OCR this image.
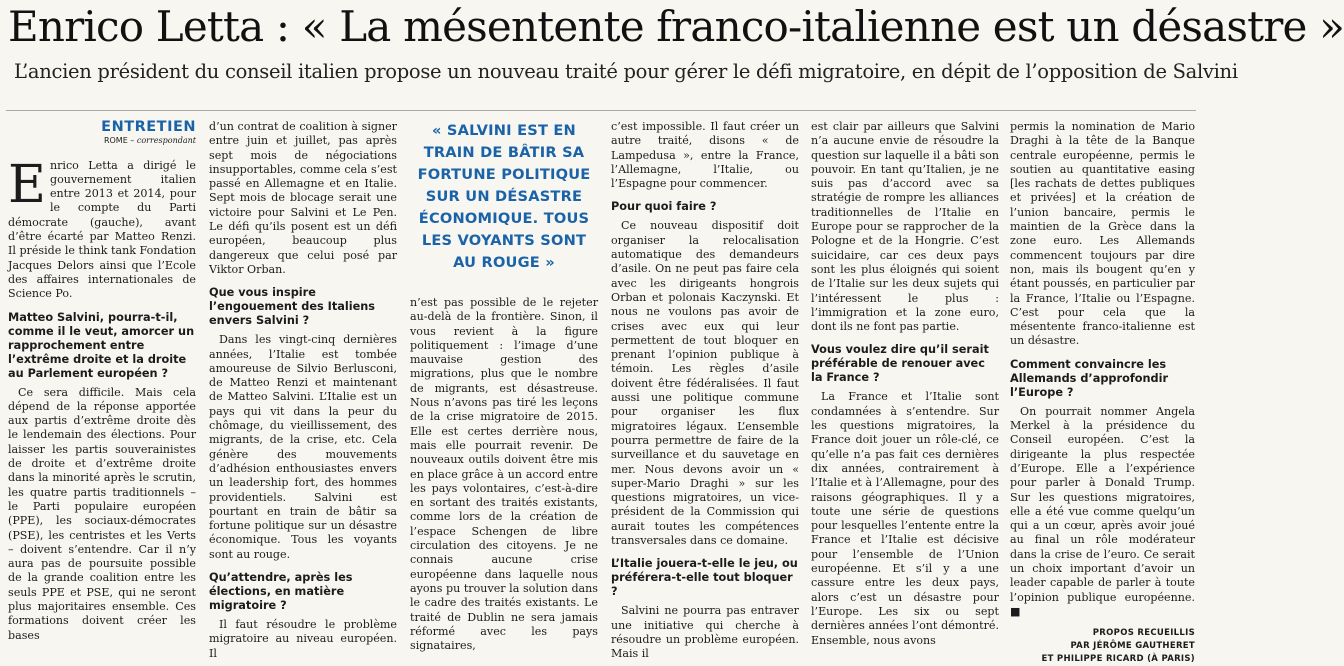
Enrico Letta : « La mésentente franco-italienne est un désastre »
L’ancien président du conseil italien propose un nouveau traité pour gérer le défi migratoire, en dépit de l’opposition de Salvini
ENTRETIEN
ROME – correspondant

Enrico Letta a dirigé le gouvernement italien entre 2013 et 2014, pour le compte du Parti démocrate (gauche), avant d’être écarté par Matteo Renzi. Il préside le think tank Fondation Jacques Delors ainsi que l’Ecole des affaires internationales de Science Po.

Matteo Salvini, pourra-t-il, comme il le veut, amorcer un rapprochement entre l’extrême droite et la droite au Parlement européen ?

Ce sera difficile. Mais cela dépend de la réponse apportée aux partis d’extrême droite dès le lendemain des élections. Pour laisser les partis souverainistes de droite et d’extrême droite dans la minorité après le scrutin, les quatre partis traditionnels – le Parti populaire européen (PPE), les sociaux-démocrates (PSE), les centristes et les Verts – doivent s’entendre. Car il n’y aura pas de poursuite possible de la grande coalition entre les seuls PPE et PSE, qui ne seront plus majoritaires ensemble. Ces formations doivent créer les bases

d’un contrat de coalition à signer entre juin et juillet, pas après sept mois de négociations insupportables, comme cela s’est passé en Allemagne et en Italie. Sept mois de blocage serait une victoire pour Salvini et Le Pen. Le défi qu’ils posent est un défi européen, beaucoup plus dangereux que celui posé par Viktor Orban.

Que vous inspire l’engouement des Italiens envers Salvini ?

Dans les vingt-cinq dernières années, l’Italie est tombée amoureuse de Silvio Berlusconi, de Matteo Renzi et maintenant de Matteo Salvini. L’Italie est un pays qui vit dans la peur du chômage, du vieillissement, des migrants, de la crise, etc. Cela génère des mouvements d’adhésion enthousiastes envers un leadership fort, des hommes providentiels. Salvini est pourtant en train de bâtir sa fortune politique sur un désastre économique. Tous les voyants sont au rouge.

Qu’attendre, après les élections, en matière migratoire ?

Il faut résoudre le problème migratoire au niveau européen. Il

« SALVINI EST EN TRAIN DE BÂTIR SA FORTUNE POLITIQUE SUR UN DÉSASTRE ÉCONOMIQUE. TOUS LES VOYANTS SONT AU ROUGE »

n’est pas possible de le rejeter au-delà de la frontière. Sinon, il vous revient à la figure politiquement : l’image d’une mauvaise gestion des migrations, plus que le nombre de migrants, est désastreuse. Nous n’avons pas tiré les leçons de la crise migratoire de 2015. Elle est certes derrière nous, mais elle pourrait revenir. De nouveaux outils doivent être mis en place grâce à un accord entre les pays volontaires, c’est-à-dire en sortant des traités existants, comme lors de la création de l’espace Schengen de libre circulation des citoyens. Je ne connais aucune crise européenne dans laquelle nous ayons pu trouver la solution dans le cadre des traités existants. Le traité de Dublin ne sera jamais réformé avec les pays signataires,

c’est impossible. Il faut créer un autre traité, disons « de Lampedusa », entre la France, l’Allemagne, l’Italie, ou l’Espagne pour commencer.

Pour quoi faire ?

Ce nouveau dispositif doit organiser la relocalisation automatique des demandeurs d’asile. On ne peut pas faire cela avec les dirigeants hongrois Orban et polonais Kaczynski. Et nous ne voulons pas avoir de crises avec eux qui leur permettent de tout bloquer en prenant l’opinion publique à témoin. Les règles d’asile doivent être fédéralisées. Il faut aussi une politique commune pour organiser les flux migratoires légaux. L’ensemble pourra permettre de faire de la surveillance et du sauvetage en mer. Nous devons avoir un « super-Mario Draghi » sur les questions migratoires, un vice-président de la Commission qui aurait toutes les compétences transversales dans ce domaine.

L’Italie jouera-t-elle le jeu, ou préférera-t-elle tout bloquer ?

Salvini ne pourra pas entraver une initiative qui cherche à résoudre un problème européen. Mais il

est clair par ailleurs que Salvini n’a aucune envie de résoudre la question sur laquelle il a bâti son pouvoir. En tant qu’Italien, je ne suis pas d’accord avec sa stratégie de rompre les alliances traditionnelles de l’Italie en Europe pour se rapprocher de la Pologne et de la Hongrie. C’est suicidaire, car ces deux pays sont les plus éloignés qui soient de l’Italie sur les deux sujets qui l’intéressent le plus : l’immigration et la zone euro, dont ils ne font pas partie.

Vous voulez dire qu’il serait préférable de renouer avec la France ?

La France et l’Italie sont condamnées à s’entendre. Sur les questions migratoires, la France doit jouer un rôle-clé, ce qu’elle n’a pas fait ces dernières dix années, contrairement à l’Italie et à l’Allemagne, pour des raisons géographiques. Il y a toute une série de questions pour lesquelles l’entente entre la France et l’Italie est décisive pour l’ensemble de l’Union européenne. Et s’il y a une cassure entre les deux pays, alors c’est un désastre pour l’Europe. Les six ou sept dernières années l’ont démontré. Ensemble, nous avons

permis la nomination de Mario Draghi à la tête de la Banque centrale européenne, permis le soutien au quantitative easing [les rachats de dettes publiques et privées] et la création de l’union bancaire, permis le maintien de la Grèce dans la zone euro. Les Allemands commencent toujours par dire non, mais ils bougent qu’en y étant poussés, en particulier par la France, l’Italie ou l’Espagne. C’est pour cela que la mésentente franco-italienne est un désastre.

Comment convaincre les Allemands d’approfondir l’Europe ?

On pourrait nommer Angela Merkel à la présidence du Conseil européen. C’est la dirigeante la plus respectée d’Europe. Elle a l’expérience pour parler à Donald Trump. Sur les questions migratoires, elle a été vue comme quelqu’un qui a un cœur, après avoir joué au final un rôle modérateur dans la crise de l’euro. Ce serait un choix important d’avoir un leader capable de parler à toute l’opinion publique européenne. ■

PROPOS RECUEILLIS
PAR JÉRÔME GAUTHERET
ET PHILIPPE RICARD (À PARIS)
